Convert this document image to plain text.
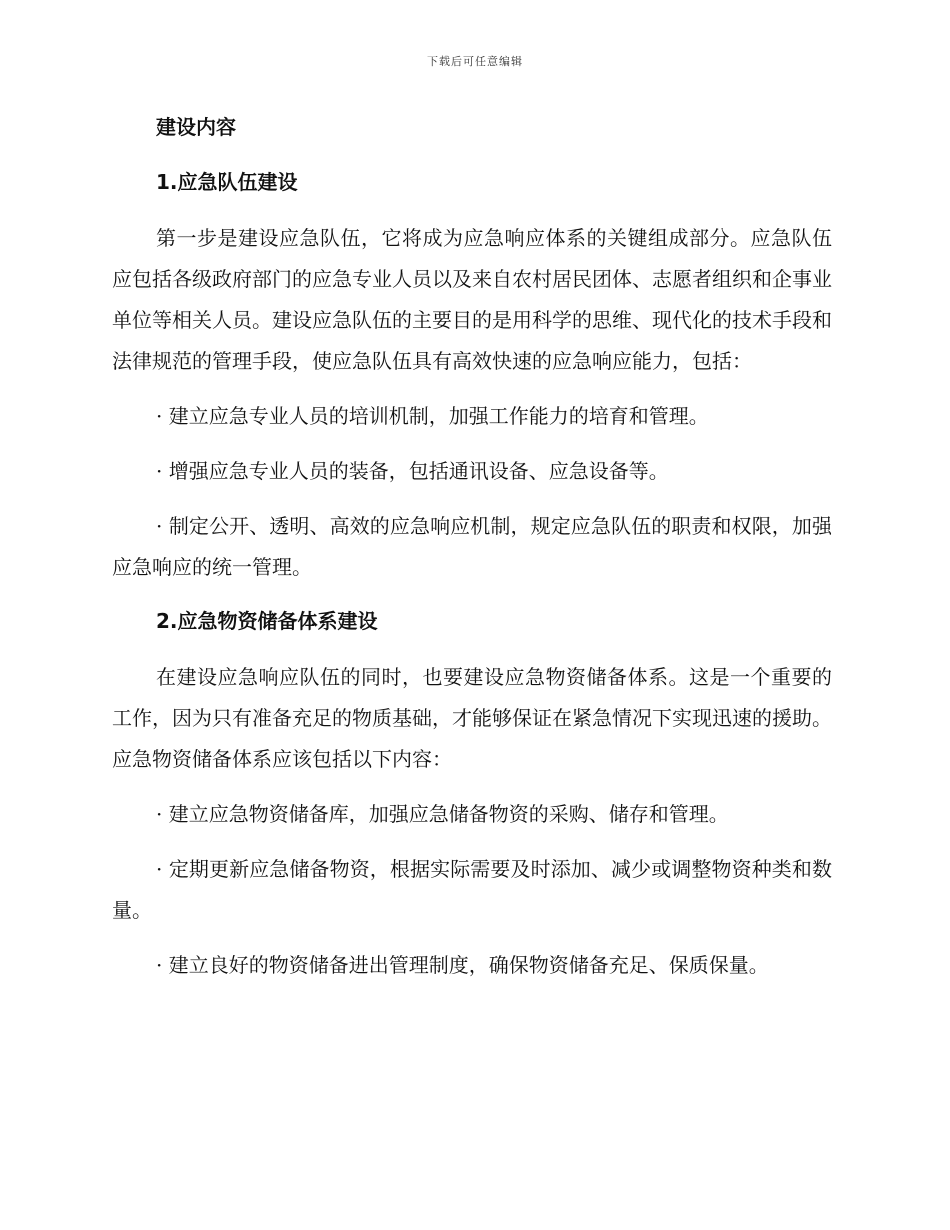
下载后可任意编辑
建设内容
1.应急队伍建设
第一步是建设应急队伍，它将成为应急响应体系的关键组成部分。应急队伍应包括各级政府部门的应急专业人员以及来自农村居民团体、志愿者组织和企事业单位等相关人员。建设应急队伍的主要目的是用科学的思维、现代化的技术手段和法律规范的管理手段，使应急队伍具有高效快速的应急响应能力，包括：
· 建立应急专业人员的培训机制，加强工作能力的培育和管理。
· 增强应急专业人员的装备，包括通讯设备、应急设备等。
· 制定公开、透明、高效的应急响应机制，规定应急队伍的职责和权限，加强应急响应的统一管理。
2.应急物资储备体系建设
在建设应急响应队伍的同时，也要建设应急物资储备体系。这是一个重要的工作，因为只有准备充足的物质基础，才能够保证在紧急情况下实现迅速的援助。应急物资储备体系应该包括以下内容：
· 建立应急物资储备库，加强应急储备物资的采购、储存和管理。
· 定期更新应急储备物资，根据实际需要及时添加、减少或调整物资种类和数量。
· 建立良好的物资储备进出管理制度，确保物资储备充足、保质保量。
